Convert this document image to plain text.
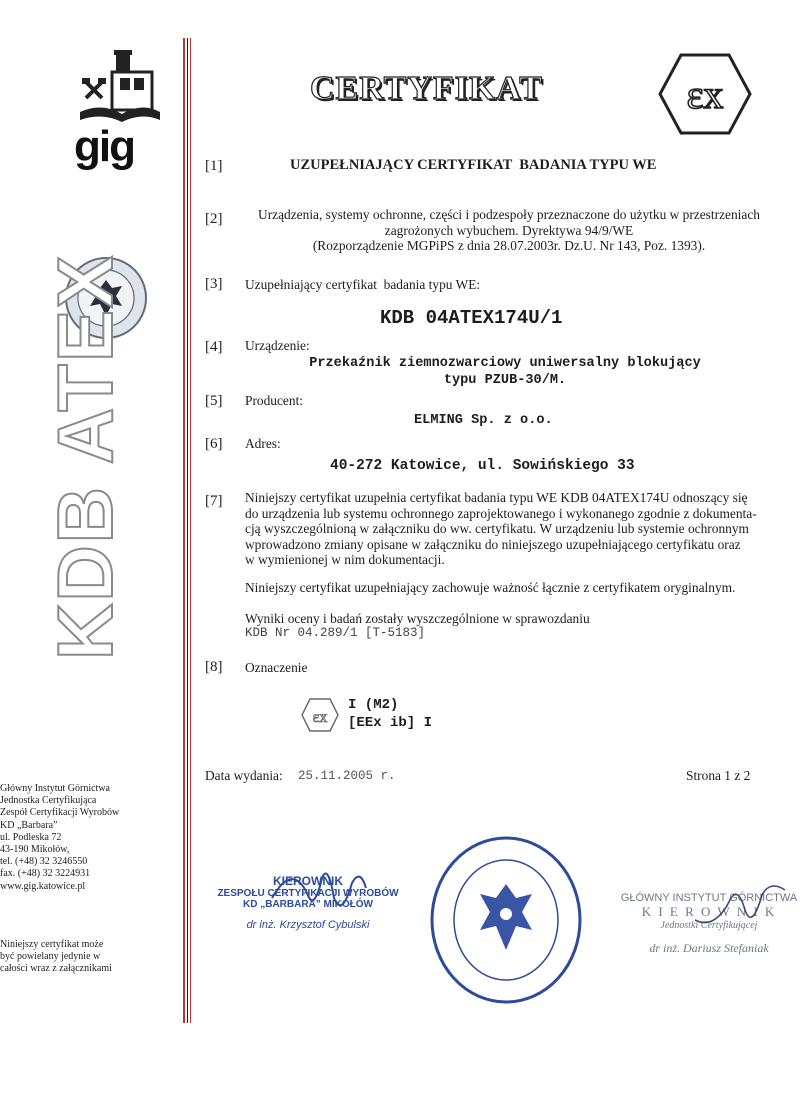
gig
KDB ATEX
Główny Instytut Górnictwa
Jednostka Certyfikująca
Zespół Certyfikacji Wyrobów
KD „Barbara”
ul. Podleska 72
43-190 Mikołów,
tel. (+48) 32 3246550
fax. (+48) 32 3224931
www.gig.katowice.pl
Niniejszy certyfikat może
być powielany jedynie w
całości wraz z załącznikami
CERTYFIKAT	εx
[1]	UZUPEŁNIAJĄCY CERTYFIKAT  BADANIA TYPU WE
[2]	Urządzenia, systemy ochronne, części i podzespoły przeznaczone do użytku w przestrzeniach
zagrożonych wybuchem. Dyrektywa 94/9/WE
(Rozporządzenie MGPiPS z dnia 28.07.2003r. Dz.U. Nr 143, Poz. 1393).
[3] Uzupełniający certyfikat  badania typu WE:
KDB 04ATEX174U/1
[4] Urządzenie:
Przekaźnik ziemnozwarciowy uniwersalny blokujący
typu PZUB-30/M.
[5] Producent:
ELMING Sp. z o.o.
[6] Adres:
40-272 Katowice, ul. Sowińskiego 33
[7] Niniejszy certyfikat uzupełnia certyfikat badania typu WE KDB 04ATEX174U odnoszący się
do urządzenia lub systemu ochronnego zaprojektowanego i wykonanego zgodnie z dokumenta-
cją wyszczególnioną w załączniku do ww. certyfikatu. W urządzeniu lub systemie ochronnym
wprowadzono zmiany opisane w załączniku do niniejszego uzupełniającego certyfikatu oraz
w wymienionej w nim dokumentacji.
Niniejszy certyfikat uzupełniający zachowuje ważność łącznie z certyfikatem oryginalnym.
Wyniki oceny i badań zostały wyszczególnione w sprawozdaniu
KDB Nr 04.289/1 [T-5183]
[8] Oznaczenie
εx
I (M2)
[EEx ib] I
Data wydania: 25.11.2005 r.	Strona 1 z 2
KIEROWNIK
ZESPOŁU CERTYFIKACJI WYROBÓW
KD „BARBARA” MIKOŁÓW
dr inż. Krzysztof Cybulski
GŁÓWNY INSTYTUT GÓRNICTWA
K I E R O W N I K
Jednostki Certyfikującej
dr inż. Dariusz Stefaniak
